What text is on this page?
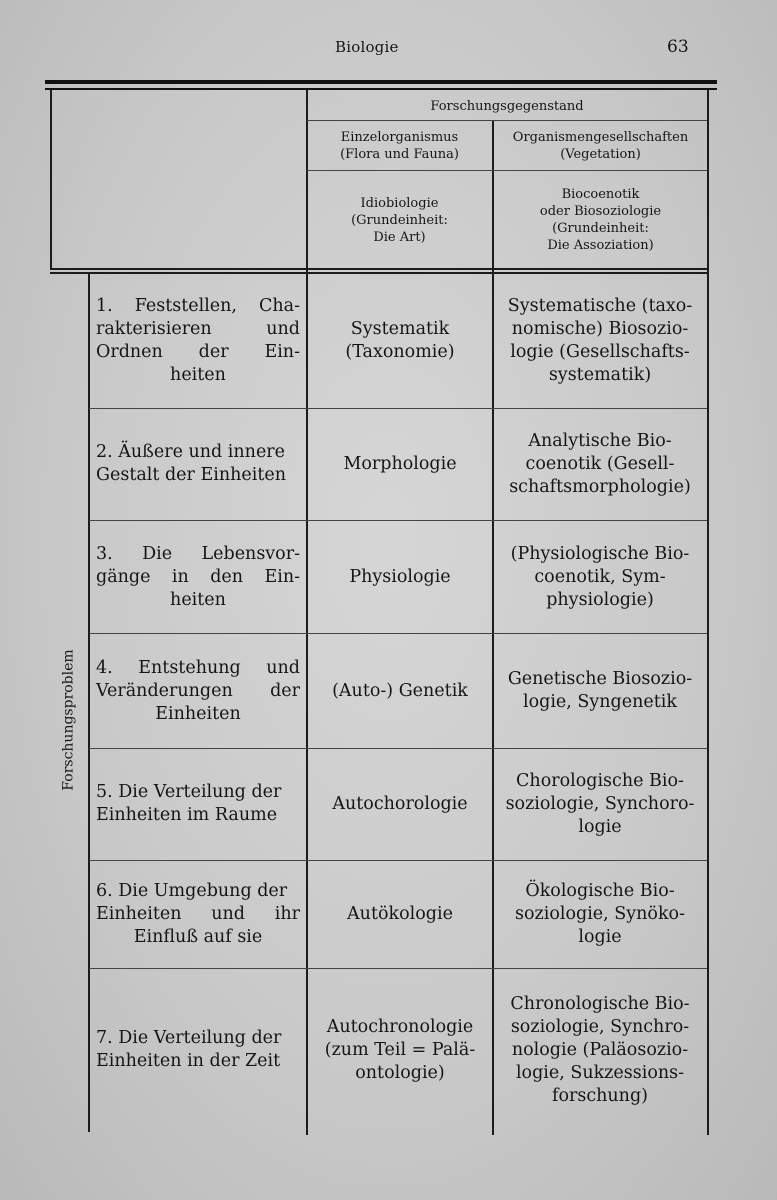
Biologie	63
Forschungsgegenstand
Einzelorganismus
(Flora und Fauna)
Organismengesellschaften
(Vegetation)
Idiobiologie
(Grundeinheit:
Die Art)
Biocoenotik
oder Biosoziologie
(Grundeinheit:
Die Assoziation)
Forschungsproblem
1. Feststellen, Cha-
rakterisieren und
Ordnen der Ein-
heiten
Systematik
(Taxonomie)
Systematische (taxo-
nomische) Biosozio-
logie (Gesellschafts-
systematik)
2. Äußere und innere
Gestalt der Einheiten
Morphologie
Analytische Bio-
coenotik (Gesell-
schaftsmorphologie)
3. Die Lebensvor-
gänge in den Ein-
heiten
Physiologie
(Physiologische Bio-
coenotik, Sym-
physiologie)
4. Entstehung und
Veränderungen der
Einheiten
(Auto-) Genetik
Genetische Biosozio-
logie, Syngenetik
5. Die Verteilung der
Einheiten im Raume
Autochorologie
Chorologische Bio-
soziologie, Synchoro-
logie
6. Die Umgebung der
Einheiten und ihr
Einfluß auf sie
Autökologie
Ökologische Bio-
soziologie, Synöko-
logie
7. Die Verteilung der
Einheiten in der Zeit
Autochronologie
(zum Teil = Palä-
ontologie)
Chronologische Bio-
soziologie, Synchro-
nologie (Paläosozio-
logie, Sukzessions-
forschung)
